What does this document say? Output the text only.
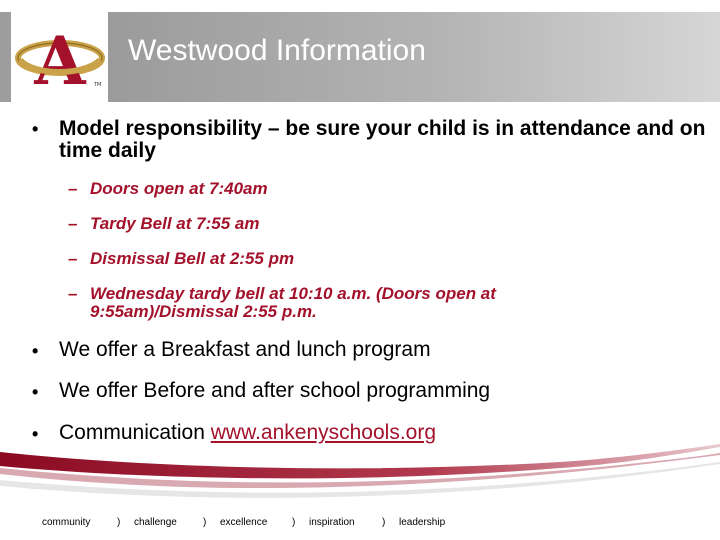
A TM
Westwood Information
• Model responsibility – be sure your child is in attendance and on time daily
– Doors open at 7:40am
– Tardy Bell at 7:55 am
– Dismissal Bell at 2:55 pm
– Wednesday tardy bell at 10:10 a.m. (Doors open at 9:55am)/Dismissal 2:55 p.m.
• We offer a Breakfast and lunch program
• We offer Before and after school programming
• Communication www.ankenyschools.org
community	) challenge	) excellence ) inspiration	) leadership
